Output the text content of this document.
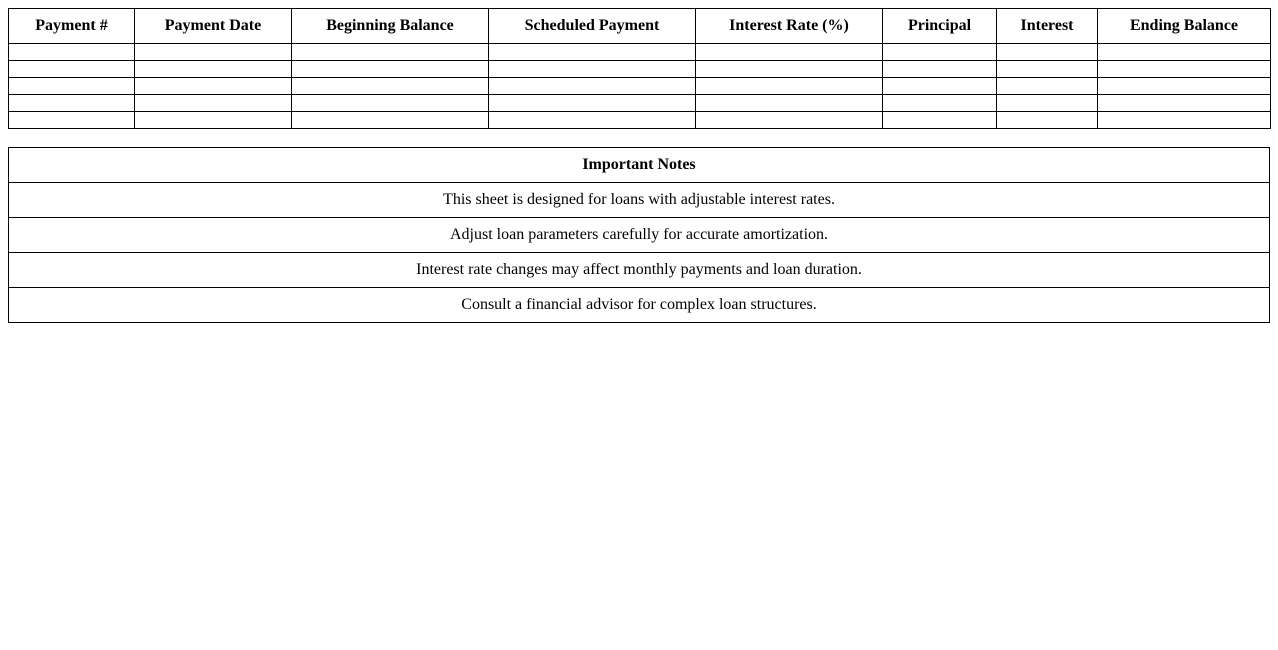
Payment #	Payment Date	Beginning Balance	Scheduled Payment	Interest Rate (%)	Principal	Interest	Ending Balance

Important Notes
This sheet is designed for loans with adjustable interest rates.
Adjust loan parameters carefully for accurate amortization.
Interest rate changes may affect monthly payments and loan duration.
Consult a financial advisor for complex loan structures.
